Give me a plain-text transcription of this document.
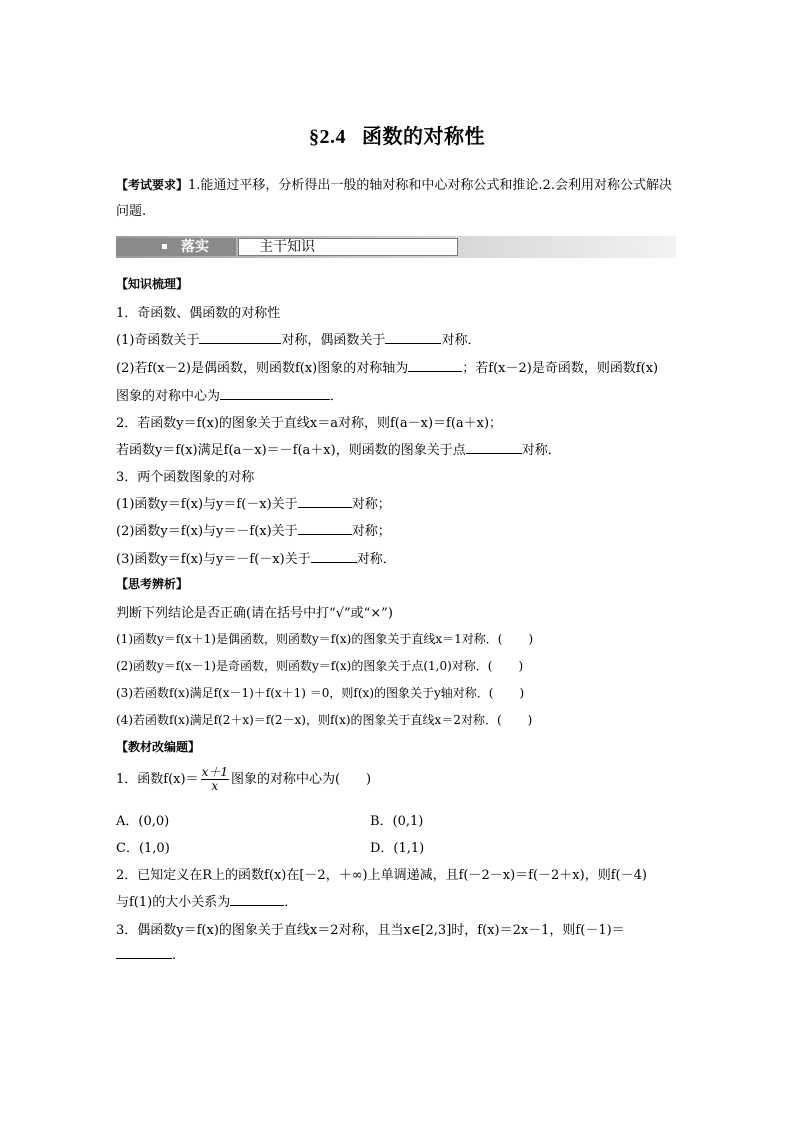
§2.4 函数的对称性
【考试要求】1.能通过平移，分析得出一般的轴对称和中心对称公式和推论.2.会利用对称公式解决问题.
落实	主干知识
【知识梳理】
1．奇函数、偶函数的对称性
(1)奇函数关于	对称，偶函数关于	对称．
(2)若f(x－2)是偶函数，则函数f(x)图象的对称轴为	；若f(x－2)是奇函数，则函数f(x)
图象的对称中心为	．
2．若函数y＝f(x)的图象关于直线x＝a对称，则f(a－x)＝f(a＋x)；
若函数y＝f(x)满足f(a－x)＝－f(a＋x)，则函数的图象关于点	对称．
3．两个函数图象的对称
(1)函数y＝f(x)与y＝f(－x)关于	对称；
(2)函数y＝f(x)与y＝－f(x)关于	对称；
(3)函数y＝f(x)与y＝－f(－x)关于	对称．
【思考辨析】
判断下列结论是否正确(请在括号中打“√”或“×”)
(1)函数y＝f(x＋1)是偶函数，则函数y＝f(x)的图象关于直线x＝1对称．( )
(2)函数y＝f(x－1)是奇函数，则函数y＝f(x)的图象关于点(1,0)对称．( )
(3)若函数f(x)满足f(x－1)＋f(x＋1) ＝0，则f(x)的图象关于y轴对称．( )
(4)若函数f(x)满足f(2＋x)＝f(2－x)，则f(x)的图象关于直线x＝2对称．( )
【教材改编题】
1．函数$f(x)= \frac{x+1}{x}$ 图象的对称中心为(　　)
A．(0,0)	B．(0,1)
C．(1,0)	D．(1,1)
2．已知定义在R上的函数f(x)在[－2，＋∞)上单调递减，且f(－2－x)＝f(－2＋x)，则f(－4)
与f(1)的大小关系为	．
3．偶函数y＝f(x)的图象关于直线x＝2对称，且当x∈[2,3]时，f(x)＝2x－1，则f(－1)＝
.
